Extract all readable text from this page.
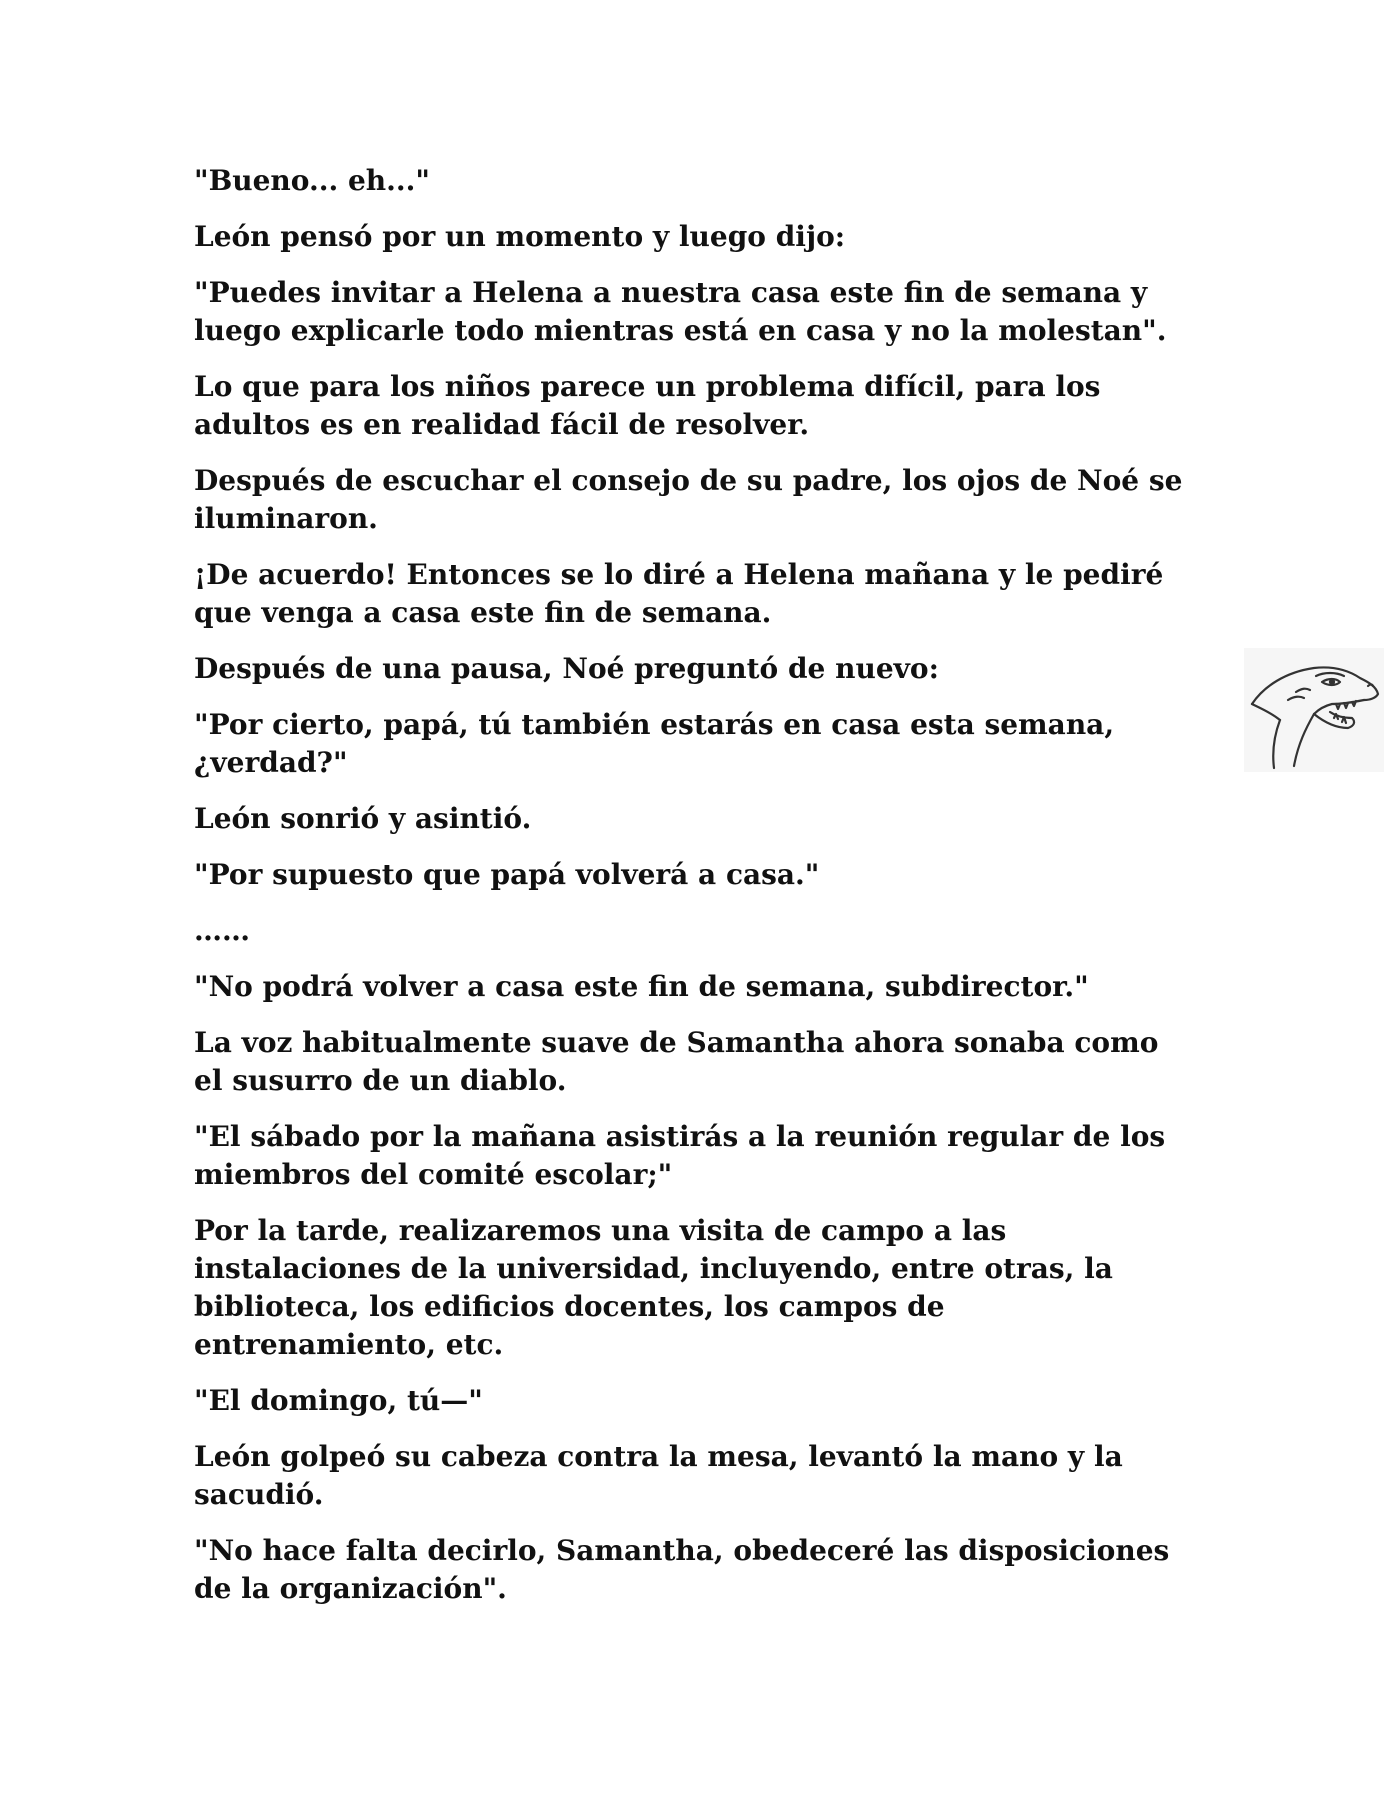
"Bueno... eh..."

León pensó por un momento y luego dijo:

"Puedes invitar a Helena a nuestra casa este fin de semana y luego explicarle todo mientras está en casa y no la molestan".

Lo que para los niños parece un problema difícil, para los adultos es en realidad fácil de resolver.

Después de escuchar el consejo de su padre, los ojos de Noé se iluminaron.

¡De acuerdo! Entonces se lo diré a Helena mañana y le pediré que venga a casa este fin de semana.

Después de una pausa, Noé preguntó de nuevo:

"Por cierto, papá, tú también estarás en casa esta semana, ¿verdad?"

León sonrió y asintió.

"Por supuesto que papá volverá a casa."

……

"No podrá volver a casa este fin de semana, subdirector."

La voz habitualmente suave de Samantha ahora sonaba como el susurro de un diablo.

"El sábado por la mañana asistirás a la reunión regular de los miembros del comité escolar;"

Por la tarde, realizaremos una visita de campo a las instalaciones de la universidad, incluyendo, entre otras, la biblioteca, los edificios docentes, los campos de entrenamiento, etc.

"El domingo, tú—"

León golpeó su cabeza contra la mesa, levantó la mano y la sacudió.

"No hace falta decirlo, Samantha, obedeceré las disposiciones de la organización".
